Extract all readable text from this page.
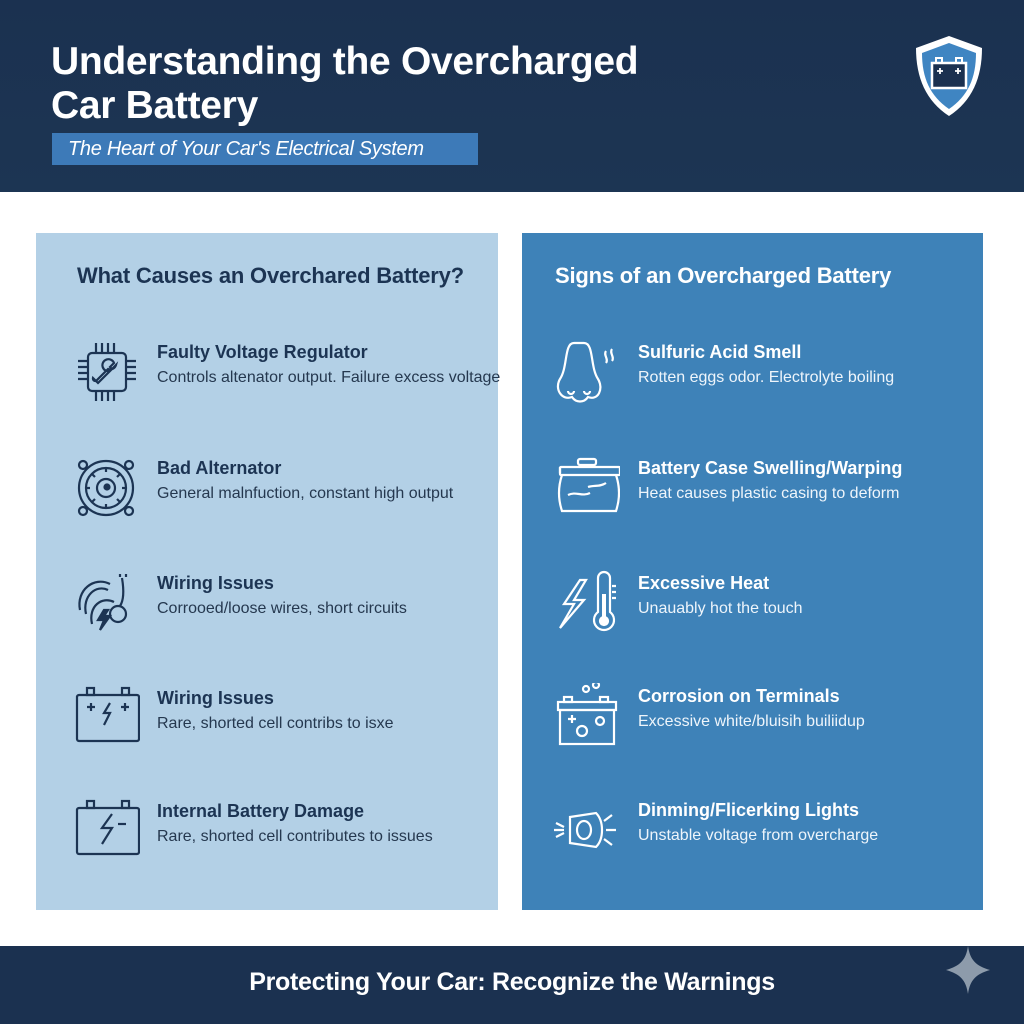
Understanding the Overcharged
Car Battery
The Heart of Your Car's Electrical System
What Causes an Overchared Battery?
Faulty Voltage Regulator
Controls altenator output. Failure excess voltage
Bad Alternator
General malnfuction, constant high output
Wiring Issues
Corrooed/loose wires, short circuits
Wiring Issues
Rare, shorted cell contribs to isxe
Internal Battery Damage
Rare, shorted cell contributes to issues
Signs of an Overcharged Battery
Sulfuric Acid Smell
Rotten eggs odor. Electrolyte boiling
Battery Case Swelling/Warping
Heat causes plastic casing to deform
Excessive Heat
Unauably hot the touch
Corrosion on Terminals
Excessive white/bluisih builiidup
Dinming/Flicerking Lights
Unstable voltage from overcharge
Protecting Your Car: Recognize the Warnings
